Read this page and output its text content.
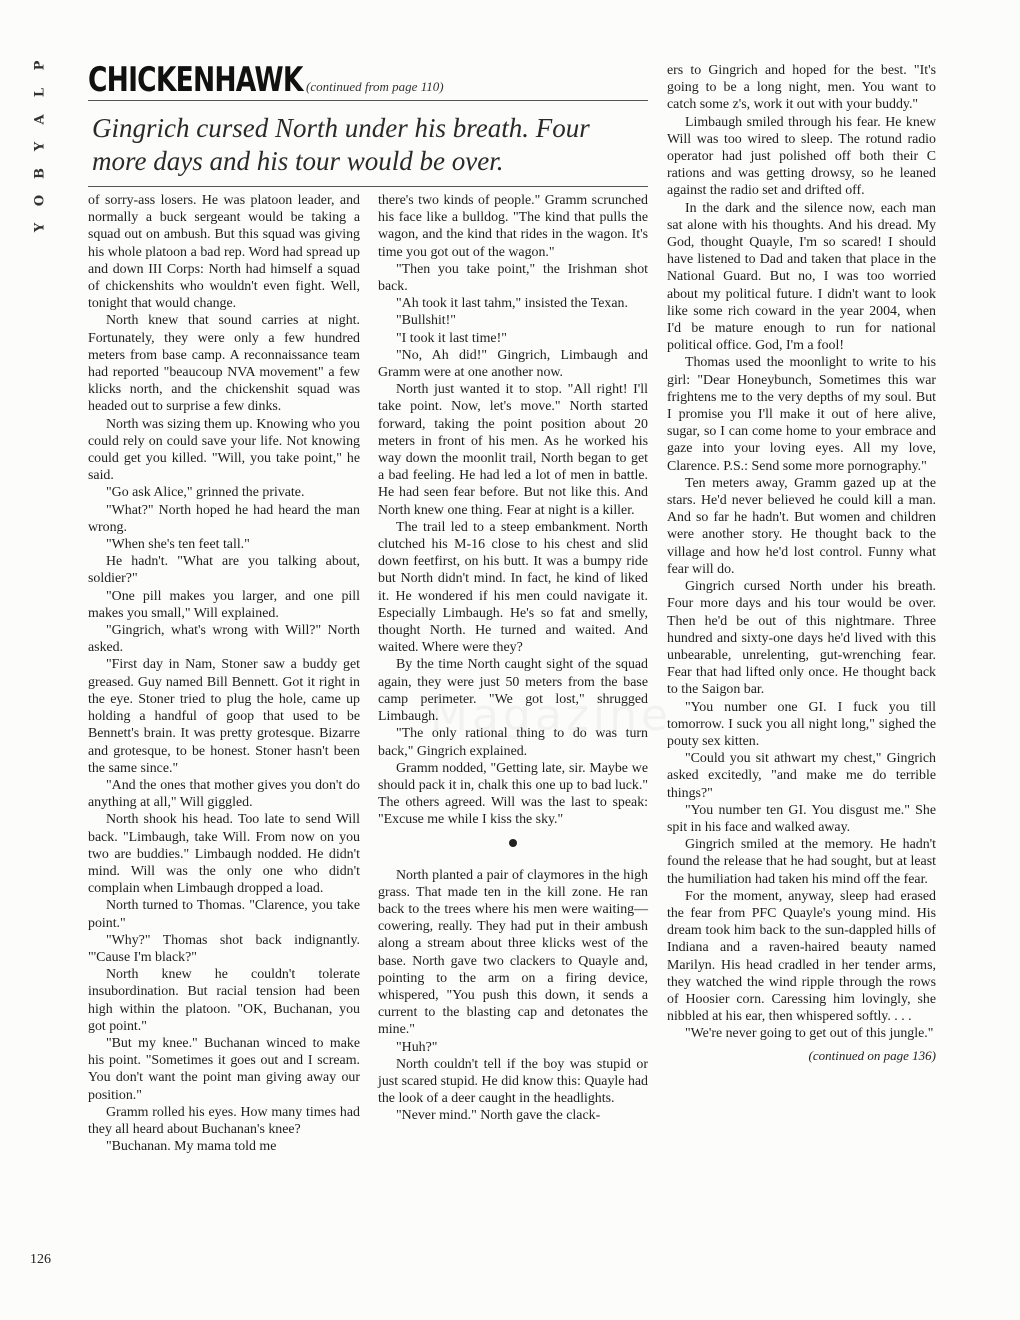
P
L
A
Y
B
O
Y
CHICKENHAWK (continued from page 110)
Gingrich cursed North under his breath. Four more days and his tour would be over.

of sorry-ass losers. He was platoon leader, and normally a buck sergeant would be taking a squad out on ambush. But this squad was giving his whole platoon a bad rep. Word had spread up and down III Corps: North had himself a squad of chickenshits who wouldn't even fight. Well, tonight that would change.

North knew that sound carries at night. Fortunately, they were only a few hundred meters from base camp. A reconnaissance team had reported "beaucoup NVA movement" a few klicks north, and the chickenshit squad was headed out to surprise a few dinks.

North was sizing them up. Knowing who you could rely on could save your life. Not knowing could get you killed. "Will, you take point," he said.

"Go ask Alice," grinned the private.

"What?" North hoped he had heard the man wrong.

"When she's ten feet tall."

He hadn't. "What are you talking about, soldier?"

"One pill makes you larger, and one pill makes you small," Will explained.

"Gingrich, what's wrong with Will?" North asked.

"First day in Nam, Stoner saw a buddy get greased. Guy named Bill Bennett. Got it right in the eye. Stoner tried to plug the hole, came up holding a handful of goop that used to be Bennett's brain. It was pretty grotesque. Bizarre and grotesque, to be honest. Stoner hasn't been the same since."

"And the ones that mother gives you don't do anything at all," Will giggled.

North shook his head. Too late to send Will back. "Limbaugh, take Will. From now on you two are buddies." Limbaugh nodded. He didn't mind. Will was the only one who didn't complain when Limbaugh dropped a load.

North turned to Thomas. "Clarence, you take point."

"Why?" Thomas shot back indignantly. "'Cause I'm black?"

North knew he couldn't tolerate insubordination. But racial tension had been high within the platoon. "OK, Buchanan, you got point."

"But my knee." Buchanan winced to make his point. "Sometimes it goes out and I scream. You don't want the point man giving away our position."

Gramm rolled his eyes. How many times had they all heard about Buchanan's knee?

"Buchanan. My mama told me

there's two kinds of people." Gramm scrunched his face like a bulldog. "The kind that pulls the wagon, and the kind that rides in the wagon. It's time you got out of the wagon."

"Then you take point," the Irishman shot back.

"Ah took it last tahm," insisted the Texan.

"Bullshit!"

"I took it last time!"

"No, Ah did!" Gingrich, Limbaugh and Gramm were at one another now.

North just wanted it to stop. "All right! I'll take point. Now, let's move." North started forward, taking the point position about 20 meters in front of his men. As he worked his way down the moonlit trail, North began to get a bad feeling. He had led a lot of men in battle. He had seen fear before. But not like this. And North knew one thing. Fear at night is a killer.

The trail led to a steep embankment. North clutched his M-16 close to his chest and slid down feetfirst, on his butt. It was a bumpy ride but North didn't mind. In fact, he kind of liked it. He wondered if his men could navigate it. Especially Limbaugh. He's so fat and smelly, thought North. He turned and waited. And waited. Where were they?

By the time North caught sight of the squad again, they were just 50 meters from the base camp perimeter. "We got lost," shrugged Limbaugh.

"The only rational thing to do was turn back," Gingrich explained.

Gramm nodded, "Getting late, sir. Maybe we should pack it in, chalk this one up to bad luck." The others agreed. Will was the last to speak: "Excuse me while I kiss the sky."

North planted a pair of claymores in the high grass. That made ten in the kill zone. He ran back to the trees where his men were waiting—cowering, really. They had put in their ambush along a stream about three klicks west of the base. North gave two clackers to Quayle and, pointing to the arm on a firing device, whispered, "You push this down, it sends a current to the blasting cap and detonates the mine."

"Huh?"

North couldn't tell if the boy was stupid or just scared stupid. He did know this: Quayle had the look of a deer caught in the headlights.

"Never mind." North gave the clack-

ers to Gingrich and hoped for the best. "It's going to be a long night, men. You want to catch some z's, work it out with your buddy."

Limbaugh smiled through his fear. He knew Will was too wired to sleep. The rotund radio operator had just polished off both their C rations and was getting drowsy, so he leaned against the radio set and drifted off.

In the dark and the silence now, each man sat alone with his thoughts. And his dread. My God, thought Quayle, I'm so scared! I should have listened to Dad and taken that place in the National Guard. But no, I was too worried about my political future. I didn't want to look like some rich coward in the year 2004, when I'd be mature enough to run for national political office. God, I'm a fool!

Thomas used the moonlight to write to his girl: "Dear Honeybunch, Sometimes this war frightens me to the very depths of my soul. But I promise you I'll make it out of here alive, sugar, so I can come home to your embrace and gaze into your loving eyes. All my love, Clarence. P.S.: Send some more pornography."

Ten meters away, Gramm gazed up at the stars. He'd never believed he could kill a man. And so far he hadn't. But women and children were another story. He thought back to the village and how he'd lost control. Funny what fear will do.

Gingrich cursed North under his breath. Four more days and his tour would be over. Then he'd be out of this nightmare. Three hundred and sixty-one days he'd lived with this unbearable, unrelenting, gut-wrenching fear. Fear that had lifted only once. He thought back to the Saigon bar.

"You number one GI. I fuck you till tomorrow. I suck you all night long," sighed the pouty sex kitten.

"Could you sit athwart my chest," Gingrich asked excitedly, "and make me do terrible things?"

"You number ten GI. You disgust me." She spit in his face and walked away.

Gingrich smiled at the memory. He hadn't found the release that he had sought, but at least the humiliation had taken his mind off the fear.

For the moment, anyway, sleep had erased the fear from PFC Quayle's young mind. His dream took him back to the sun-dappled hills of Indiana and a raven-haired beauty named Marilyn. His head cradled in her tender arms, they watched the wind ripple through the rows of Hoosier corn. Caressing him lovingly, she nibbled at his ear, then whispered softly. . . .

"We're never going to get out of this jungle."

(continued on page 136)
126
